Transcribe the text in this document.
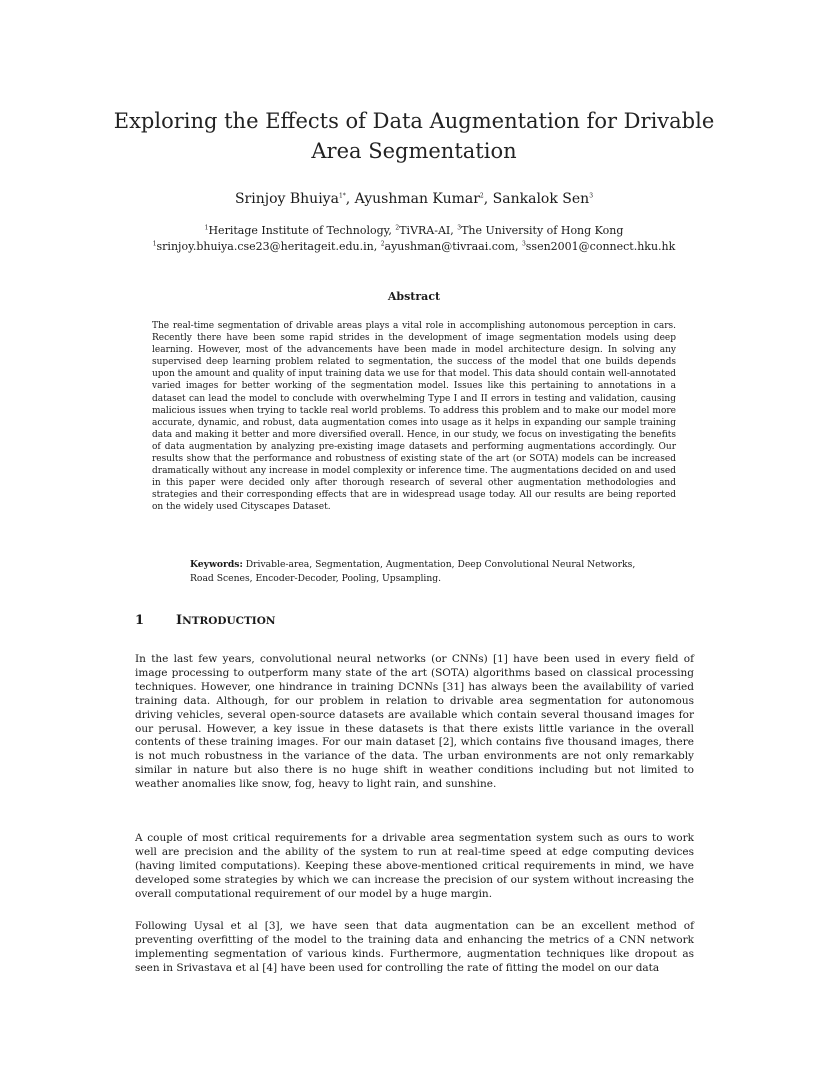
Exploring the Effects of Data Augmentation for Drivable Area Segmentation
Srinjoy Bhuiya$^{1*}$, Ayushman Kumar$^2$, Sankalok Sen$^3$
$^1$Heritage Institute of Technology, $^2$TiVRA-AI, $^3$The University of Hong Kong
$^1$srinjoy.bhuiya.cse23@heritageit.edu.in, $^2$ayushman@tivraai.com, $^3$ssen2001@connect.hku.hk
Abstract
The real-time segmentation of drivable areas plays a vital role in accomplishing autonomous perception in cars. Recently there have been some rapid strides in the development of image segmentation models using deep learning. However, most of the advancements have been made in model architecture design. In solving any supervised deep learning problem related to segmentation, the success of the model that one builds depends upon the amount and quality of input training data we use for that model. This data should contain well-annotated varied images for better working of the segmentation model. Issues like this pertaining to annotations in a dataset can lead the model to conclude with overwhelming Type I and II errors in testing and validation, causing malicious issues when trying to tackle real world problems. To address this problem and to make our model more accurate, dynamic, and robust, data augmentation comes into usage as it helps in expanding our sample training data and making it better and more diversified overall. Hence, in our study, we focus on investigating the benefits of data augmentation by analyzing pre-existing image datasets and performing augmentations accordingly. Our results show that the performance and robustness of existing state of the art (or SOTA) models can be increased dramatically without any increase in model complexity or inference time. The augmentations decided on and used in this paper were decided only after thorough research of several other augmentation methodologies and strategies and their corresponding effects that are in widespread usage today. All our results are being reported on the widely used Cityscapes Dataset.
Keywords: Drivable-area, Segmentation, Augmentation, Deep Convolutional Neural Networks, Road Scenes, Encoder-Decoder, Pooling, Upsampling.
1 INTRODUCTION
In the last few years, convolutional neural networks (or CNNs) [1] have been used in every field of image processing to outperform many state of the art (SOTA) algorithms based on classical processing techniques. However, one hindrance in training DCNNs [31] has always been the availability of varied training data. Although, for our problem in relation to drivable area segmentation for autonomous driving vehicles, several open-source datasets are available which contain several thousand images for our perusal. However, a key issue in these datasets is that there exists little variance in the overall contents of these training images. For our main dataset [2], which contains five thousand images, there is not much robustness in the variance of the data. The urban environments are not only remarkably similar in nature but also there is no huge shift in weather conditions including but not limited to weather anomalies like snow, fog, heavy to light rain, and sunshine.
A couple of most critical requirements for a drivable area segmentation system such as ours to work well are precision and the ability of the system to run at real-time speed at edge computing devices (having limited computations). Keeping these above-mentioned critical requirements in mind, we have developed some strategies by which we can increase the precision of our system without increasing the overall computational requirement of our model by a huge margin.
Following Uysal et al [3], we have seen that data augmentation can be an excellent method of preventing overfitting of the model to the training data and enhancing the metrics of a CNN network implementing segmentation of various kinds. Furthermore, augmentation techniques like dropout as seen in Srivastava et al [4] have been used for controlling the rate of fitting the model on our data
